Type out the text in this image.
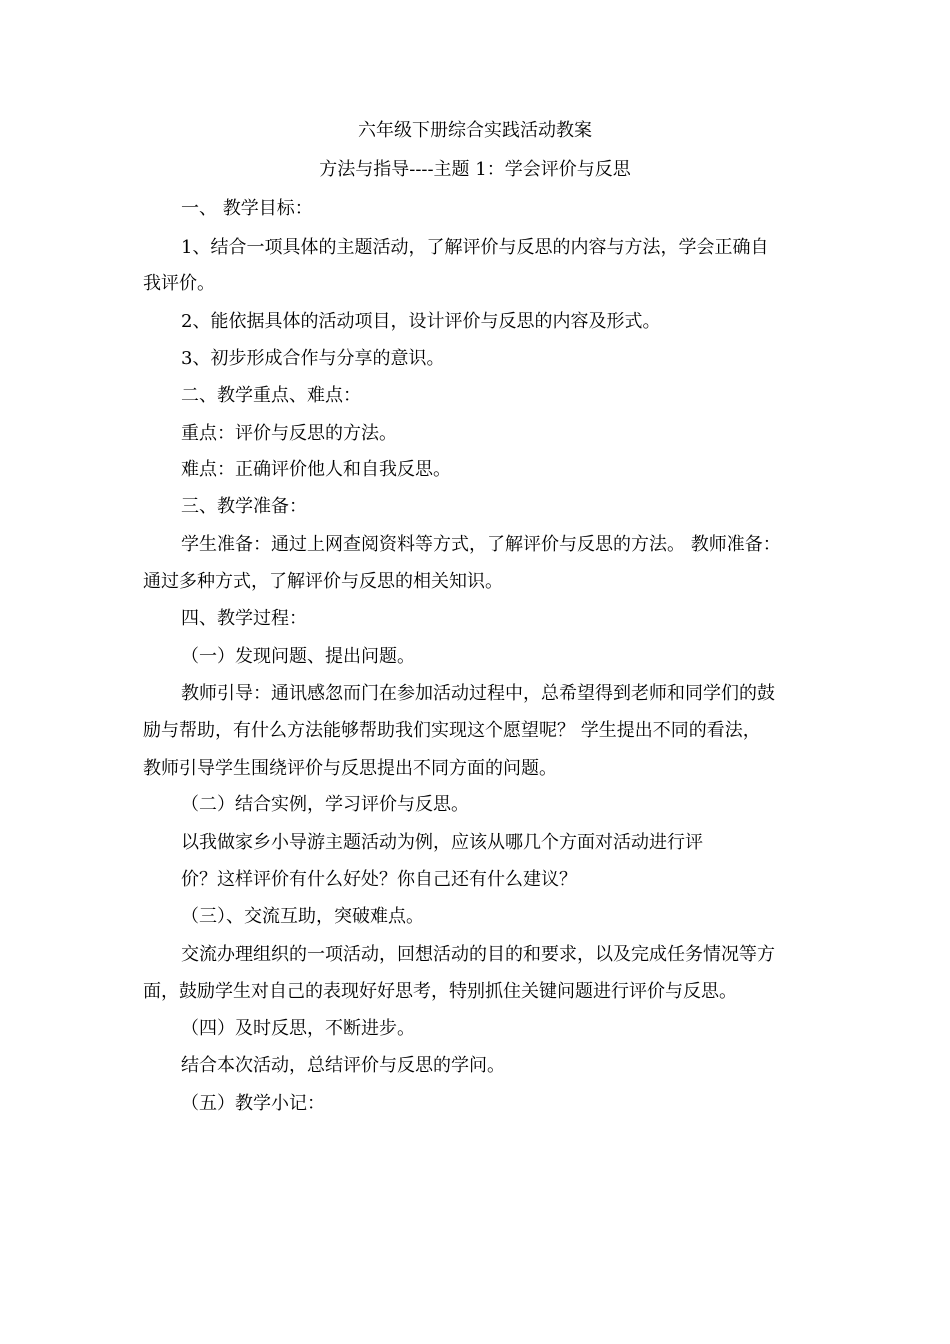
六年级下册综合实践活动教案
方法与指导----主题 1：学会评价与反思
一、 教学目标：
1、结合一项具体的主题活动，了解评价与反思的内容与方法，学会正确自
我评价。
2、能依据具体的活动项目，设计评价与反思的内容及形式。
3、初步形成合作与分享的意识。
二、教学重点、难点：
重点：评价与反思的方法。
难点：正确评价他人和自我反思。
三、教学准备：
学生准备：通过上网查阅资料等方式，了解评价与反思的方法。 教师准备：
通过多种方式，了解评价与反思的相关知识。
四、教学过程：
（一）发现问题、提出问题。
教师引导：通讯感忽而门在参加活动过程中，总希望得到老师和同学们的鼓
励与帮助，有什么方法能够帮助我们实现这个愿望呢？ 学生提出不同的看法，
教师引导学生围绕评价与反思提出不同方面的问题。
（二）结合实例，学习评价与反思。
以我做家乡小导游主题活动为例，应该从哪几个方面对活动进行评
价？这样评价有什么好处？你自己还有什么建议？
（三）、交流互助，突破难点。
交流办理组织的一项活动，回想活动的目的和要求，以及完成任务情况等方
面，鼓励学生对自己的表现好好思考，特别抓住关键问题进行评价与反思。
（四）及时反思，不断进步。
结合本次活动，总结评价与反思的学问。
（五）教学小记：
